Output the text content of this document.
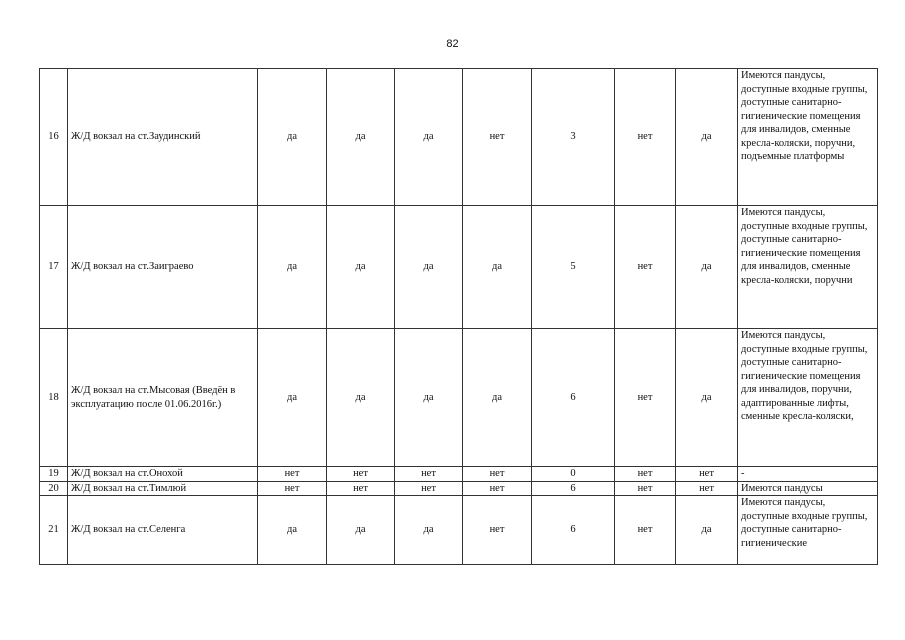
82
16	Ж/Д вокзал на ст.Заудинский	да	да	да	нет	3	нет	да	Имеются пандусы, доступные входные группы, доступные санитарно-гигиенические помещения для инвалидов, сменные кресла-коляски, поручни, подъемные платформы

17	Ж/Д вокзал на ст.Заиграево	да	да	да	да	5	нет	да	Имеются пандусы, доступные входные группы, доступные санитарно-гигиенические помещения для инвалидов, сменные кресла-коляски, поручни

18	Ж/Д вокзал на ст.Мысовая (Введён в эксплуатацию после 01.06.2016г.)	да	да	да	да	6	нет	да	Имеются пандусы, доступные входные группы, доступные санитарно-гигиенические помещения для инвалидов, поручни, адаптированные лифты, сменные кресла-коляски,

19	Ж/Д вокзал на ст.Онохой	нет	нет	нет	нет	0	нет	нет	-

20	Ж/Д вокзал на ст.Тимлюй	нет	нет	нет	нет	6	нет	нет	Имеются пандусы

21	Ж/Д вокзал на ст.Селенга	да	да	да	нет	6	нет	да	Имеются пандусы, доступные входные группы, доступные санитарно-гигиенические
